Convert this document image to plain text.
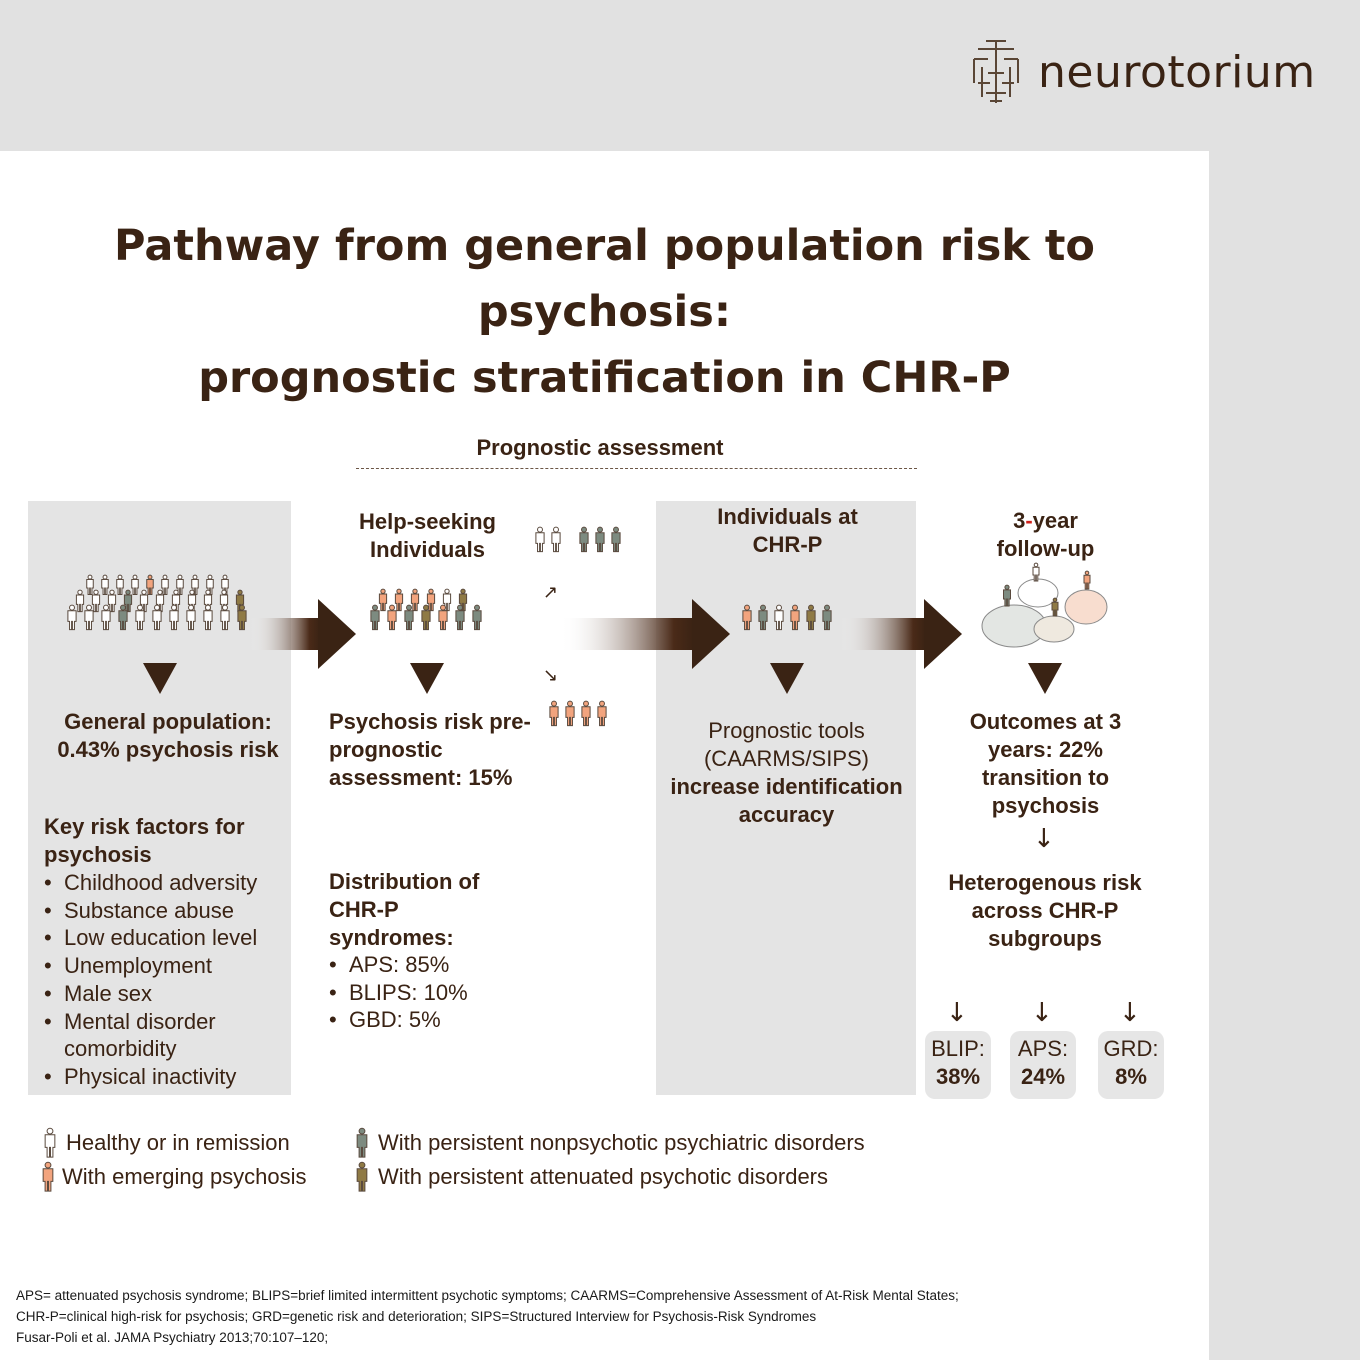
neurotorium
Pathway from general population risk to psychosis:
prognostic stratification in CHR-P
Prognostic assessment
↗
↘
Help-seeking Individuals
Individuals at CHR-P
3-year
follow-up
General population: 0.43% psychosis risk
Key risk factors for psychosis
• Childhood adversity
• Substance abuse
• Low education level
• Unemployment
• Male sex
• Mental disorder comorbidity
• Physical inactivity
Psychosis risk pre-prognostic assessment: 15%
Distribution of CHR-P syndromes:
• APS: 85%
• BLIPS: 10%
• GBD: 5%
Prognostic tools (CAARMS/SIPS)
increase identification accuracy
Outcomes at 3 years: 22% transition to psychosis
↓
Heterogenous risk across CHR-P subgroups
↓ ↓	↓
BLIP:
38%
APS:
24%
GRD:
8%
Healthy or in remission	With persistent nonpsychotic psychiatric disorders
With emerging psychosis	With persistent attenuated psychotic disorders
APS= attenuated psychosis syndrome; BLIPS=brief limited intermittent psychotic symptoms; CAARMS=Comprehensive Assessment of At-Risk Mental States;
CHR-P=clinical high-risk for psychosis; GRD=genetic risk and deterioration; SIPS=Structured Interview for Psychosis-Risk Syndromes
Fusar-Poli et al. JAMA Psychiatry 2013;70:107–120;
